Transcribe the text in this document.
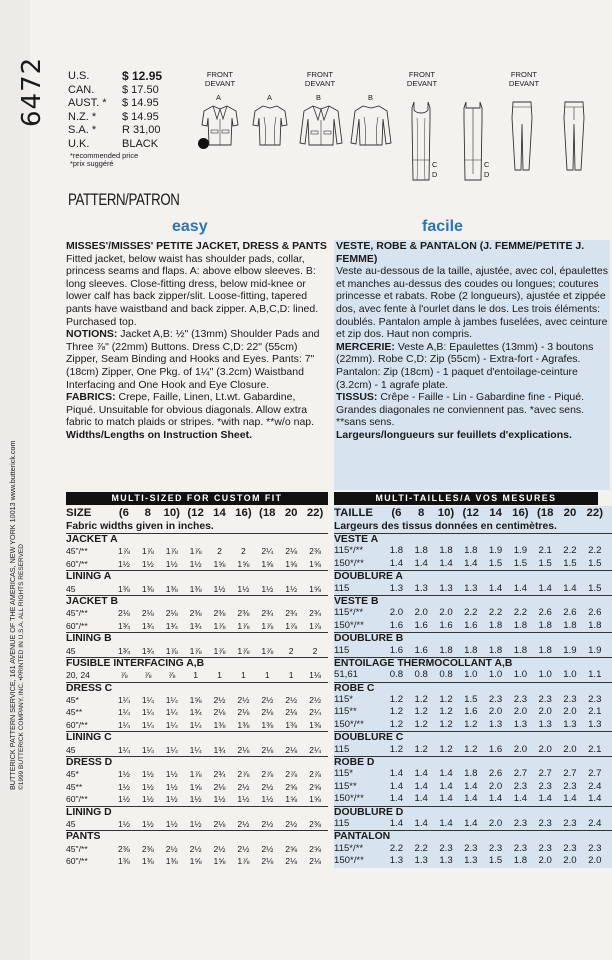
6472
BUTTERICK PATTERN SERVICE, 161 AVENUE OF THE AMERICAS, NEW YORK 10013 www.butterick.com ©1999 BUTTERICK COMPANY, INC. •PRINTED IN U.S.A. ALL RIGHTS RESERVED
U.S.	$ 12.95
CAN.	$ 17.50
AUST. *	$ 14.95
N.Z. *	$ 14.95
S.A. *	R 31,00
U.K.	BLACK
*recommended price
*prix suggéré
PATTERN/PATRON
FRONT
DEVANT
FRONT
DEVANT
FRONT
DEVANT
FRONT
DEVANT
A	A	B	B
C
D
C
D
easy	facile

MISSES'/MISSES' PETITE JACKET, DRESS & PANTS

Fitted jacket, below waist has shoulder pads, collar, princess seams and flaps. A: above elbow sleeves. B: long sleeves. Close-fitting dress, below mid-knee or lower calf has back zipper/slit. Loose-fitting, tapered pants have waistband and back zipper. A,B,C,D: lined. Purchased top.

NOTIONS: Jacket A,B: ½" (13mm) Shoulder Pads and Three ⅞" (22mm) Buttons. Dress C,D: 22" (55cm) Zipper, Seam Binding and Hooks and Eyes. Pants: 7" (18cm) Zipper, One Pkg. of 1¼" (3.2cm) Waistband Interfacing and One Hook and Eye Closure.

FABRICS: Crepe, Faille, Linen, Lt.wt. Gabardine, Piqué. Unsuitable for obvious diagonals. Allow extra fabric to match plaids or stripes. *with nap. **w/o nap.

Widths/Lengths on Instruction Sheet.

VESTE, ROBE & PANTALON (J. FEMME/PETITE J. FEMME)

Veste au-dessous de la taille, ajustée, avec col, épaulettes et manches au-dessus des coudes ou longues; coutures princesse et rabats. Robe (2 longueurs), ajustée et zippée dos, avec fente à l'ourlet dans le dos. Les trois éléments: doublés. Pantalon ample à jambes fuselées, avec ceinture et zip dos. Haut non compris.

MERCERIE: Veste A,B: Epaulettes (13mm) - 3 boutons (22mm). Robe C,D: Zip (55cm) - Extra-fort - Agrafes. Pantalon: Zip (18cm) - 1 paquet d'entoilage-ceinture (3.2cm) - 1 agrafe plate.

TISSUS: Crêpe - Faille - Lin - Gabardine fine - Piqué. Grandes diagonales ne conviennent pas. *avec sens. **sans sens.

Largeurs/longueurs sur feuillets d'explications.

MULTI-SIZED FOR CUSTOM FIT	MULTI-TAILLES/A VOS MESURES
SIZE	(6	8	10) (12 14 16) (18 20 22)
Fabric widths given in inches.
JACKET A
45"/**	1⅞	1⅞	1⅞	1⅞	2	2	2¼	2⅛	2⅜
60"/**	1½	1½	1½	1½	1⅝	1⅝	1⅝	1⅝	1⅝
LINING A
45	1⅜	1⅜	1⅜	1⅜	1½	1½	1½	1½	1⅝
JACKET B
45"/**	2⅛	2⅛	2⅛	2⅜	2⅜	2⅜	2¾	2¾	2¾
60"/**	1¾	1¾	1¾	1¾	1⅞	1⅞	1⅞	1⅞	1⅞
LINING B
45	1¾	1¾	1⅞	1⅞	1⅞	1⅞	1⅞	2	2
FUSIBLE INTERFACING A,B
20, 24	⅞	⅞	⅞	1	1	1	1	1	1⅛
DRESS C
45*	1¼	1¼	1¼	1⅝	2½	2½	2½	2½	2½
45**	1¼	1¼	1¼	1¾	2⅛	2⅛	2⅛	2⅛	2¼
60"/**	1¼	1¼	1¼	1¼	1⅜	1⅜	1⅜	1⅜	1⅜
LINING C
45	1¼	1¼	1¼	1¼	1¾	2⅛	2⅛	2⅛	2¼
DRESS D
45*	1½	1½	1½	1⅞	2¾	2⅞	2⅞	2⅞	2⅞
45**	1½	1½	1½	1⅝	2⅛	2½	2½	2⅝	2⅝
60"/**	1½	1½	1½	1½	1½	1½	1½	1⅝	1⅝
LINING D
45	1½	1½	1½	1½	2⅛	2½	2½	2½	2⅜
PANTS
45"/**	2⅜	2⅜	2½	2½	2½	2½	2½	2⅝	2⅝
60"/**	1⅜	1⅜	1⅜	1⅝	1⅝	1⅞	2⅛	2⅛	2⅛
TAILLE	(6	8	10) (12 14 16) (18 20 22)
Largeurs des tissus données en centimètres.
VESTE A
115*/**	1.8	1.8	1.8	1.8	1.9	1.9	2.1	2.2	2.2
150*/**	1.4	1.4	1.4	1.4	1.5	1.5	1.5	1.5	1.5
DOUBLURE A
115	1.3	1.3	1.3	1.3	1.4	1.4	1.4	1.4	1.5
VESTE B
115*/**	2.0	2.0	2.0	2.2	2.2	2.2	2.6	2.6	2.6
150*/**	1.6	1.6	1.6	1.6	1.8	1.8	1.8	1.8	1.8
DOUBLURE B
115	1.6	1.6	1.8	1.8	1.8	1.8	1.8	1.9	1.9
ENTOILAGE THERMOCOLLANT A,B
51,61	0.8	0.8	0.8	1.0	1.0	1.0	1.0	1.0	1.1
ROBE C
115*	1.2	1.2	1.2	1.5	2.3	2.3	2.3	2.3	2.3
115**	1.2	1.2	1.2	1.6	2.0	2.0	2.0	2.0	2.1
150*/**	1.2	1.2	1.2	1.2	1.3	1.3	1.3	1.3	1.3
DOUBLURE C
115	1.2	1.2	1.2	1.2	1.6	2.0	2.0	2.0	2.1
ROBE D
115*	1.4	1.4	1.4	1.8	2.6	2.7	2.7	2.7	2.7
115**	1.4	1.4	1.4	1.4	2.0	2.3	2.3	2.3	2.4
150*/**	1.4	1.4	1.4	1.4	1.4	1.4	1.4	1.4	1.4
DOUBLURE D
115	1.4	1.4	1.4	1.4	2.0	2.3	2.3	2.3	2.4
PANTALON
115*/**	2.2	2.2	2.3	2.3	2.3	2.3	2.3	2.3	2.3
150*/**	1.3	1.3	1.3	1.3	1.5	1.8	2.0	2.0	2.0
